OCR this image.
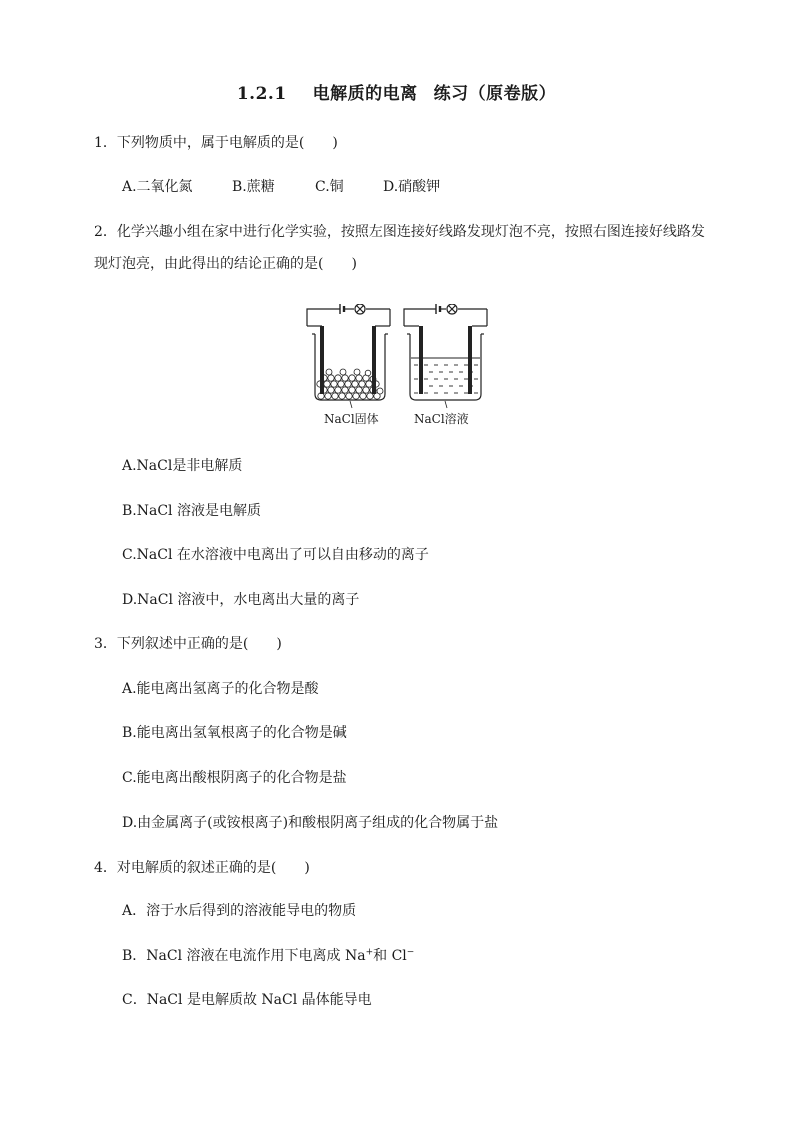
1.2.1 电解质的电离 练习（原卷版）
1．下列物质中，属于电解质的是(　　)
A.二氧化氮	B.蔗糖	C.铜	D.硝酸钾
2．化学兴趣小组在家中进行化学实验，按照左图连接好线路发现灯泡不亮，按照右图连接好线路发
现灯泡亮，由此得出的结论正确的是(　　)
NaCl固体	NaCl溶液
A.NaCl是非电解质
B.NaCl 溶液是电解质
C.NaCl 在水溶液中电离出了可以自由移动的离子
D.NaCl 溶液中，水电离出大量的离子
3．下列叙述中正确的是(　　)
A.能电离出氢离子的化合物是酸
B.能电离出氢氧根离子的化合物是碱
C.能电离出酸根阴离子的化合物是盐
D.由金属离子(或铵根离子)和酸根阴离子组成的化合物属于盐
4．对电解质的叙述正确的是(　　)
A．溶于水后得到的溶液能导电的物质
B．NaCl 溶液在电流作用下电离成 Na+和 Cl−
C．NaCl 是电解质故 NaCl 晶体能导电
